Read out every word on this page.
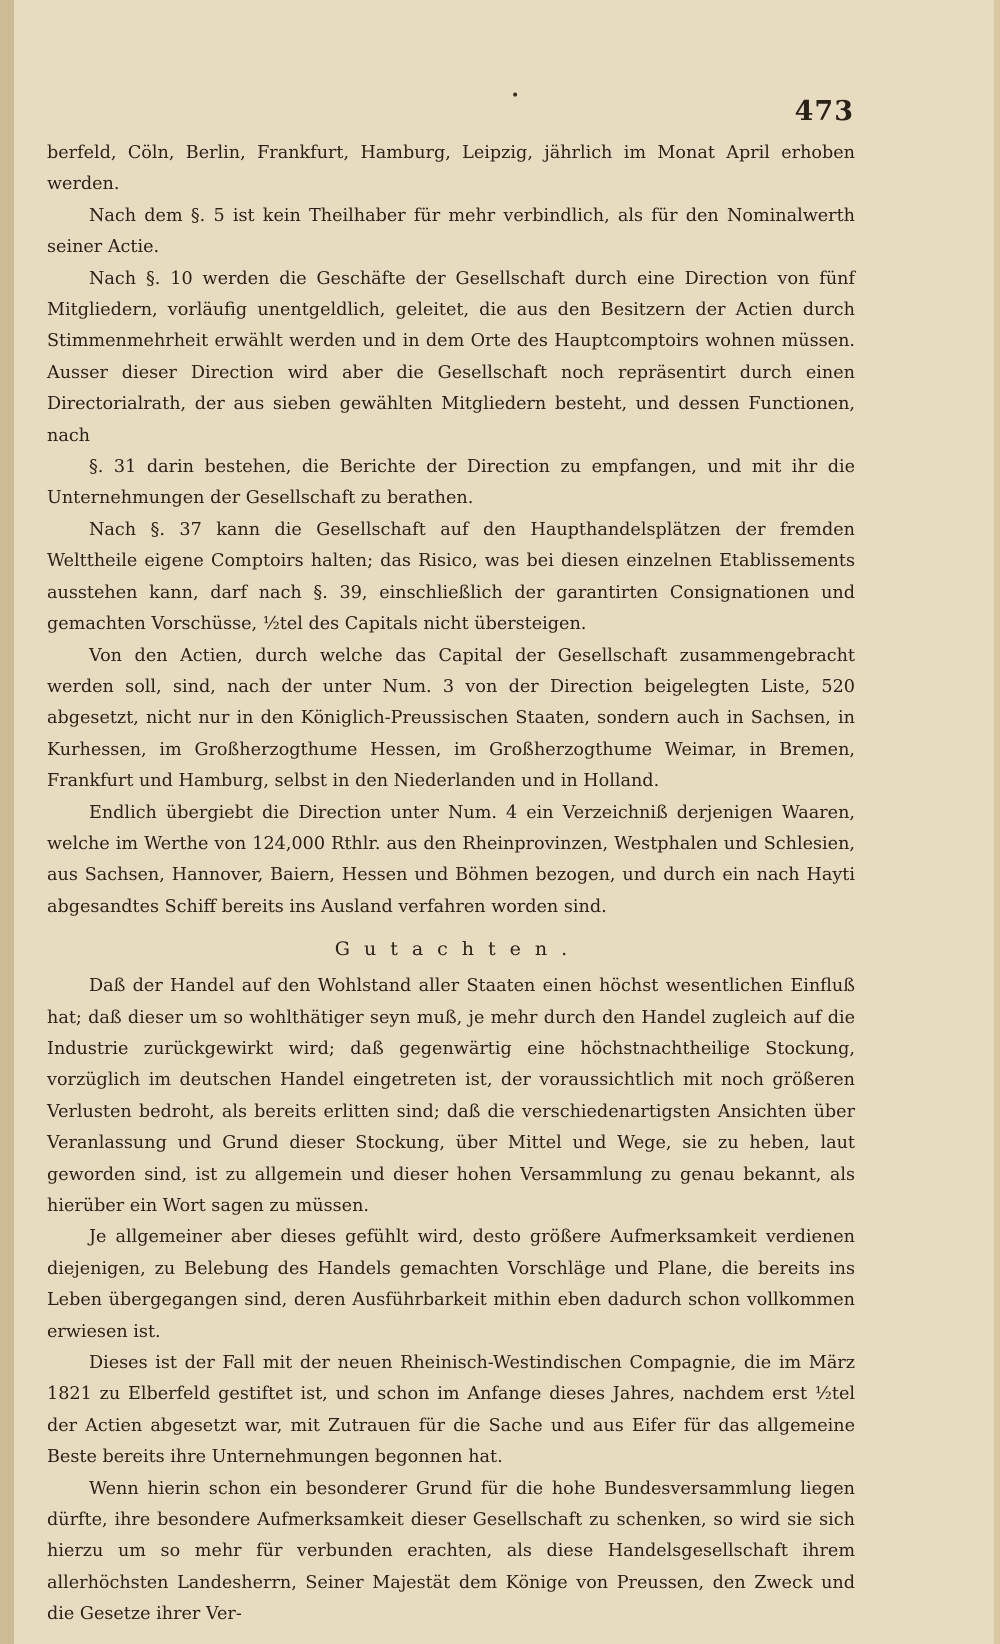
•	473

berfeld, Cöln, Berlin, Frankfurt, Hamburg, Leipzig, jährlich im Monat April erhoben werden.

Nach dem §. 5 ist kein Theilhaber für mehr verbindlich, als für den Nominalwerth seiner Actie.

Nach §. 10 werden die Geschäfte der Gesellschaft durch eine Direction von fünf Mitgliedern, vorläufig unentgeldlich, geleitet, die aus den Besitzern der Actien durch Stimmenmehrheit erwählt werden und in dem Orte des Hauptcomptoirs wohnen müssen. Ausser dieser Direction wird aber die Gesellschaft noch repräsentirt durch einen Directorialrath, der aus sieben gewählten Mitgliedern besteht, und dessen Functionen, nach

§. 31 darin bestehen, die Berichte der Direction zu empfangen, und mit ihr die Unternehmungen der Gesellschaft zu berathen.

Nach §. 37 kann die Gesellschaft auf den Haupthandelsplätzen der fremden Welttheile eigene Comptoirs halten; das Risico, was bei diesen einzelnen Etablissements ausstehen kann, darf nach §. 39, einschließlich der garantirten Consignationen und gemachten Vorschüsse, ½tel des Capitals nicht übersteigen.

Von den Actien, durch welche das Capital der Gesellschaft zusammengebracht werden soll, sind, nach der unter Num. 3 von der Direction beigelegten Liste, 520 abgesetzt, nicht nur in den Königlich-Preussischen Staaten, sondern auch in Sachsen, in Kurhessen, im Großherzogthume Hessen, im Großherzogthume Weimar, in Bremen, Frankfurt und Hamburg, selbst in den Niederlanden und in Holland.

Endlich übergiebt die Direction unter Num. 4 ein Verzeichniß derjenigen Waaren, welche im Werthe von 124,000 Rthlr. aus den Rheinprovinzen, Westphalen und Schlesien, aus Sachsen, Hannover, Baiern, Hessen und Böhmen bezogen, und durch ein nach Hayti abgesandtes Schiff bereits ins Ausland verfahren worden sind.

Gutachten.

Daß der Handel auf den Wohlstand aller Staaten einen höchst wesentlichen Einfluß hat; daß dieser um so wohlthätiger seyn muß, je mehr durch den Handel zugleich auf die Industrie zurückgewirkt wird; daß gegenwärtig eine höchstnachtheilige Stockung, vorzüglich im deutschen Handel eingetreten ist, der voraussichtlich mit noch größeren Verlusten bedroht, als bereits erlitten sind; daß die verschiedenartigsten Ansichten über Veranlassung und Grund dieser Stockung, über Mittel und Wege, sie zu heben, laut geworden sind, ist zu allgemein und dieser hohen Versammlung zu genau bekannt, als hierüber ein Wort sagen zu müssen.

Je allgemeiner aber dieses gefühlt wird, desto größere Aufmerksamkeit verdienen diejenigen, zu Belebung des Handels gemachten Vorschläge und Plane, die bereits ins Leben übergegangen sind, deren Ausführbarkeit mithin eben dadurch schon vollkommen erwiesen ist.

Dieses ist der Fall mit der neuen Rheinisch-Westindischen Compagnie, die im März 1821 zu Elberfeld gestiftet ist, und schon im Anfange dieses Jahres, nachdem erst ½tel der Actien abgesetzt war, mit Zutrauen für die Sache und aus Eifer für das allgemeine Beste bereits ihre Unternehmungen begonnen hat.

Wenn hierin schon ein besonderer Grund für die hohe Bundesversammlung liegen dürfte, ihre besondere Aufmerksamkeit dieser Gesellschaft zu schenken, so wird sie sich hierzu um so mehr für verbunden erachten, als diese Handelsgesellschaft ihrem allerhöchsten Landesherrn, Seiner Majestät dem Könige von Preussen, den Zweck und die Gesetze ihrer Ver-
